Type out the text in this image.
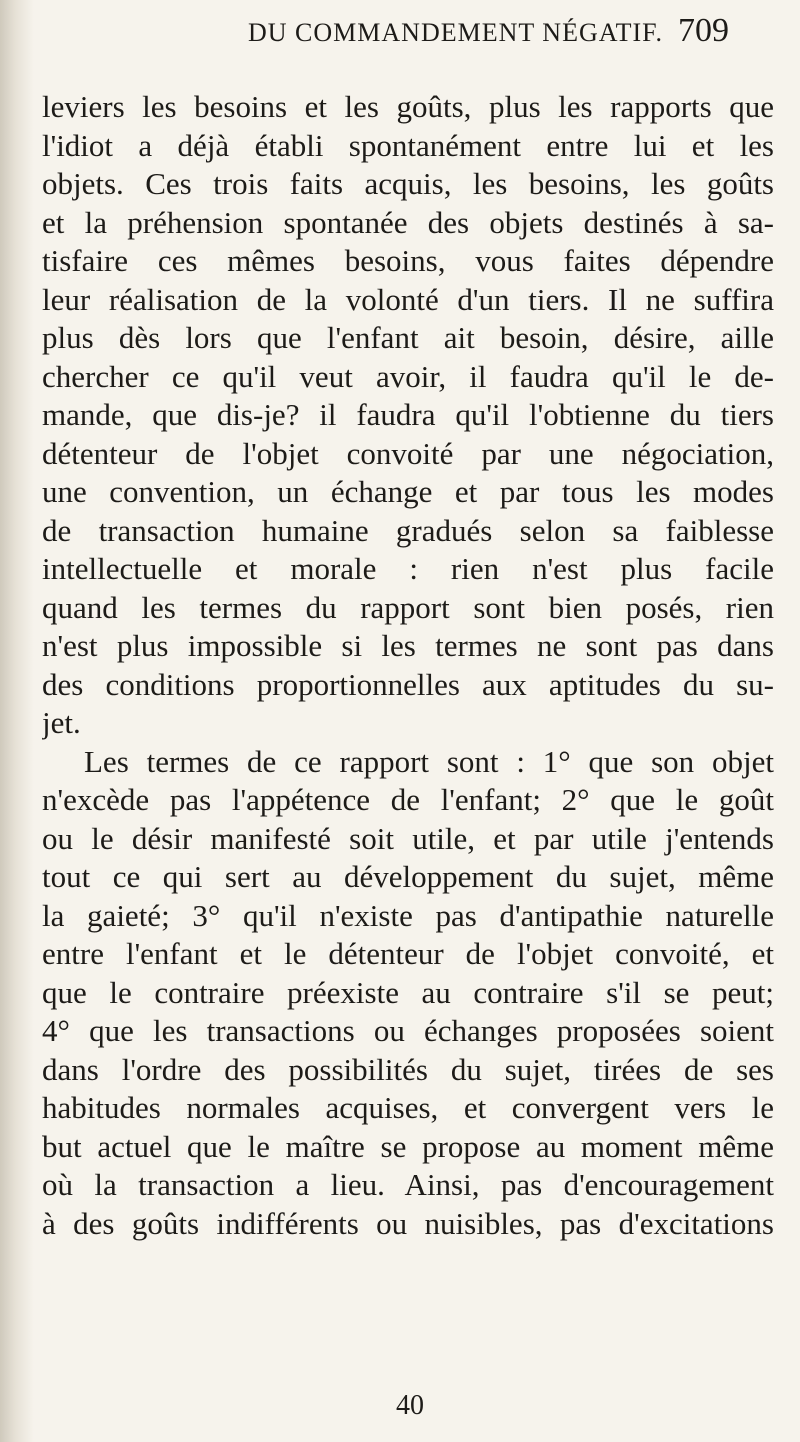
DU COMMANDEMENT NÉGATIF. 709
leviers les besoins et les goûts, plus les rapports que
l'idiot a déjà établi spontanément entre lui et les
objets. Ces trois faits acquis, les besoins, les goûts
et la préhension spontanée des objets destinés à sa-
tisfaire ces mêmes besoins, vous faites dépendre
leur réalisation de la volonté d'un tiers. Il ne suffira
plus dès lors que l'enfant ait besoin, désire, aille
chercher ce qu'il veut avoir, il faudra qu'il le de-
mande, que dis-je? il faudra qu'il l'obtienne du tiers
détenteur de l'objet convoité par une négociation,
une convention, un échange et par tous les modes
de transaction humaine gradués selon sa faiblesse
intellectuelle et morale : rien n'est plus facile
quand les termes du rapport sont bien posés, rien
n'est plus impossible si les termes ne sont pas dans
des conditions proportionnelles aux aptitudes du su-
jet.
Les termes de ce rapport sont : 1° que son objet
n'excède pas l'appétence de l'enfant; 2° que le goût
ou le désir manifesté soit utile, et par utile j'entends
tout ce qui sert au développement du sujet, même
la gaieté; 3° qu'il n'existe pas d'antipathie naturelle
entre l'enfant et le détenteur de l'objet convoité, et
que le contraire préexiste au contraire s'il se peut;
4° que les transactions ou échanges proposées soient
dans l'ordre des possibilités du sujet, tirées de ses
habitudes normales acquises, et convergent vers le
but actuel que le maître se propose au moment même
où la transaction a lieu. Ainsi, pas d'encouragement
à des goûts indifférents ou nuisibles, pas d'excitations
40
